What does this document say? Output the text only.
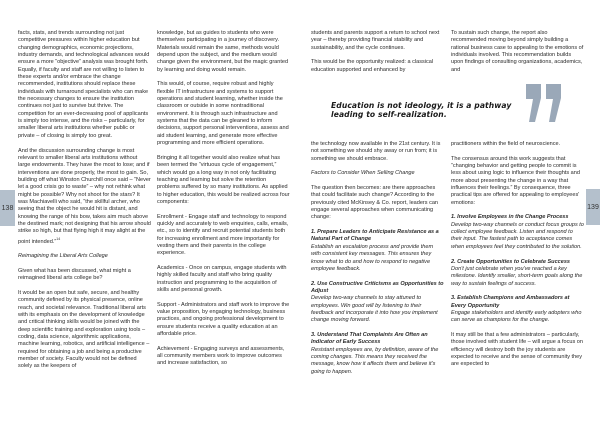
138	139

facts, stats, and trends surrounding not just competitive pressures within higher education but changing demographics, economic projections, industry demands, and technological advances would ensure a more “objective” analysis was brought forth. Equally, if faculty and staff are not willing to listen to these experts and/or embrace the change recommended, institutions should replace these individuals with turnaround specialists who can make the necessary changes to ensure the institution continues not just to survive but thrive. The competition for an ever-decreasing pool of applicants is simply too intense, and the risks – particularly, for smaller liberal arts institutions whether public or private – of closing is simply too great.

And the discussion surrounding change is most relevant to smaller liberal arts institutions without large endowments. They have the most to lose; and if interventions are done properly, the most to gain. So, building off what Winston Churchill once said – “Never let a good crisis go to waste” – why not rethink what might be possible? Why not shoot for the stars? It was Machiavelli who said, “the skillful archer, who seeing that the object he would hit is distant, and knowing the range of his bow, takes aim much above the destined mark; not designing that his arrow should strike so high, but that flying high it may alight at the point intended.”$^{14}$

Reimagining the Liberal Arts College

Given what has been discussed, what might a reimagined liberal arts college be?

It would be an open but safe, secure, and healthy community defined by its physical presence, online reach, and societal relevance. Traditional liberal arts with its emphasis on the development of knowledge and critical thinking skills would be joined with the deep scientific training and exploration using tools – coding, data science, algorithmic applications, machine learning, robotics, and artificial intelligence – required for obtaining a job and being a productive member of society. Faculty would not be defined solely as the keepers of

knowledge, but as guides to students who were themselves participating in a journey of discovery. Materials would remain the same, methods would depend upon the subject, and the medium would change given the environment, but the magic granted by learning and doing would remain.

This would, of course, require robust and highly flexible IT infrastructure and systems to support operations and student learning, whether inside the classroom or outside in some nontraditional environment. It is through such infrastructure and systems that the data can be gleaned to inform decisions, support personal interventions, assess and aid student learning, and generate more effective programming and more efficient operations.

Bringing it all together would also realize what has been termed the “virtuous cycle of engagement,” which would go a long way in not only facilitating teaching and learning but solve the retention problems suffered by so many institutions. As applied to higher education, this would be realized across four components:

Enrollment - Engage staff and technology to respond quickly and accurately to web enquiries, calls, emails, etc., so to identify and recruit potential students both for increasing enrollment and more importantly for vesting them and their parents in the college experience.

Academics - Once on campus, engage students with highly skilled faculty and staff who bring quality instruction and programming to the acquisition of skills and personal growth.

Support - Administrators and staff work to improve the value proposition, by engaging technology, business practices, and ongoing professional development to ensure students receive a quality education at an affordable price.

Achievement - Engaging surveys and assessments, all community members work to improve outcomes and increase satisfaction, so

students and parents support a return to school next year – thereby providing financial stability and sustainability, and the cycle continues.

This would be the opportunity realized: a classical education supported and enhanced by

To sustain such change, the report also recommended moving beyond simply building a rational business case to appealing to the emotions of individuals involved. This recommendation builds upon findings of consulting organizations, academics, and

Education is not ideology, it is a pathway leading to self-realization.

the technology now available in the 21st century. It is not something we should shy away or run from; it is something we should embrace.

Factors to Consider When Selling Change

The question then becomes: are there approaches that could facilitate such change? According to the previously cited McKinsey & Co. report, leaders can engage several approaches when communicating change:

1. Prepare Leaders to Anticipate Resistance as a Natural Part of Change
Establish an escalation process and provide them with consistent key messages. This ensures they know what to do and how to respond to negative employee feedback.

2. Use Constructive Criticisms as Opportunities to Adjust
Develop two-way channels to stay attuned to employees. Win good will by listening to their feedback and incorporate it into how you implement change moving forward.

3. Understand That Complaints Are Often an Indicator of Early Success
Resistant employees are, by definition, aware of the coming changes. This means they received the message, know how it affects them and believe it's going to happen.

practitioners within the field of neuroscience.

The consensus around this work suggests that “changing behavior and getting people to commit is less about using logic to influence their thoughts and more about presenting the change in a way that influences their feelings.” By consequence, three practical tips are offered for appealing to employees' emotions:

1. Involve Employees in the Change Process
Develop two-way channels or conduct focus groups to collect employee feedback. Listen and respond to their input. The fastest path to acceptance comes when employees feel they contributed to the solution.

2. Create Opportunities to Celebrate Success
Don't just celebrate when you've reached a key milestone. Identify smaller, short-term goals along the way to sustain feelings of success.

3. Establish Champions and Ambassadors at Every Opportunity
Engage stakeholders and identify early adopters who can serve as champions for the change.

It may still be that a few administrators – particularly, those involved with student life – will argue a focus on efficiency will destroy both the joy students are expected to receive and the sense of community they are expected to
